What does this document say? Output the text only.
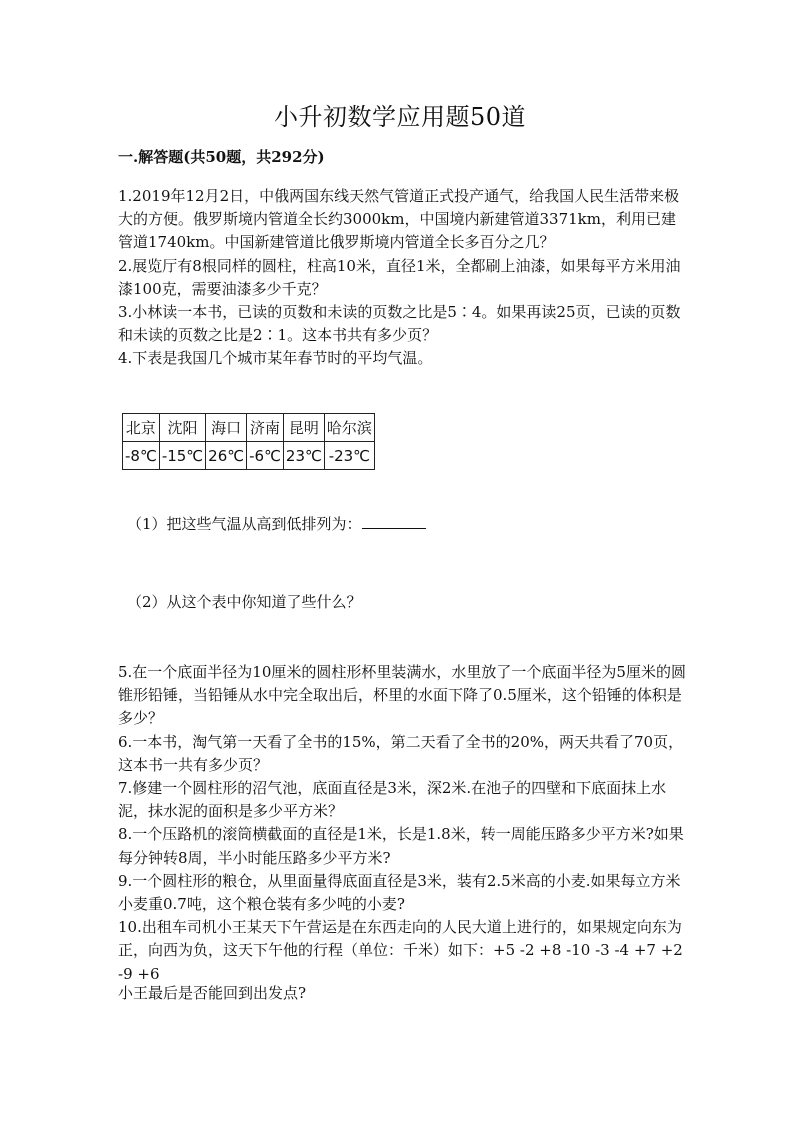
小升初数学应用题50道
一.解答题(共50题，共292分)

1.2019年12月2日，中俄两国东线天然气管道正式投产通气，给我国人民生活带来极大的方便。俄罗斯境内管道全长约3000km，中国境内新建管道3371km，利用已建管道1740km。中国新建管道比俄罗斯境内管道全长多百分之几？

2.展览厅有8根同样的圆柱，柱高10米，直径1米，全都刷上油漆，如果每平方米用油漆100克，需要油漆多少千克？

3.小林读一本书，已读的页数和未读的页数之比是5∶4。如果再读25页，已读的页数和未读的页数之比是2∶1。这本书共有多少页？

4.下表是我国几个城市某年春节时的平均气温。

北京	沈阳	海口	济南	昆明	哈尔滨
-8℃	-15℃	26℃	-6℃	23℃	-23℃
（1）把这些气温从高到低排列为：
（2）从这个表中你知道了些什么？

5.在一个底面半径为10厘米的圆柱形杯里装满水，水里放了一个底面半径为5厘米的圆锥形铅锤，当铅锤从水中完全取出后，杯里的水面下降了0.5厘米，这个铅锤的体积是多少？

6.一本书，淘气第一天看了全书的15%，第二天看了全书的20%，两天共看了70页，这本书一共有多少页？

7.修建一个圆柱形的沼气池，底面直径是3米，深2米.在池子的四壁和下底面抹上水泥，抹水泥的面积是多少平方米？

8.一个压路机的滚筒横截面的直径是1米，长是1.8米，转一周能压路多少平方米?如果每分钟转8周，半小时能压路多少平方米?

9.一个圆柱形的粮仓，从里面量得底面直径是3米，装有2.5米高的小麦.如果每立方米小麦重0.7吨，这个粮仓装有多少吨的小麦?

10.出租车司机小王某天下午营运是在东西走向的人民大道上进行的，如果规定向东为正，向西为负，这天下午他的行程（单位：千米）如下：+5 -2 +8 -10 -3 -4 +7 +2 -9 +6

小王最后是否能回到出发点?
